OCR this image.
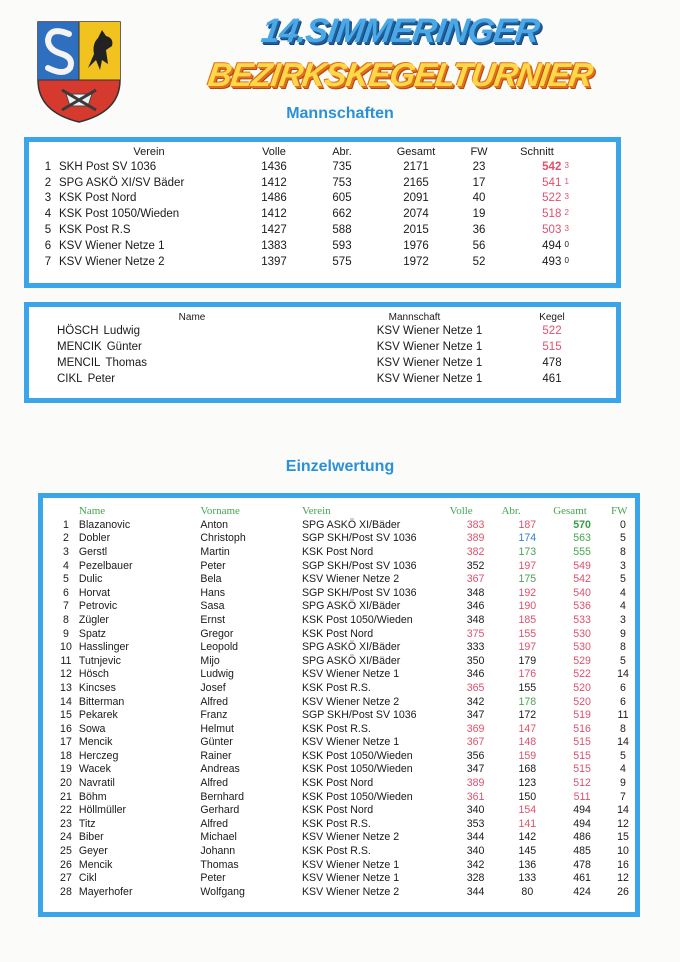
14.SIMMERINGER
BEZIRKSKEGELTURNIER
Mannschaften
	Verein	Volle	Abr.	Gesamt	FW	Schnitt
1	SKH Post SV 1036	1436	735	2171	23	542 $^3$
2	SPG ASKÖ XI/SV Bäder	1412	753	2165	17	541 $^1$
3	KSK Post Nord	1486	605	2091	40	522 $^3$
4	KSK Post 1050/Wieden	1412	662	2074	19	518 $^2$
5	KSK Post R.S	1427	588	2015	36	503 $^3$
6	KSV Wiener Netze 1	1383	593	1976	56	494 $^0$
7	KSV Wiener Netze 2	1397	575	1972	52	493 $^0$
Name	Mannschaft	Kegel
HÖSCH Ludwig	KSV Wiener Netze 1	522
MENCIK Günter	KSV Wiener Netze 1	515
MENCIL Thomas	KSV Wiener Netze 1	478
CIKL Peter	KSV Wiener Netze 1	461
Einzelwertung
	Name	Vorname	Verein	Volle	Abr.	Gesamt	FW
1	Blazanovic	Anton	SPG ASKÖ XI/Bäder	383	187	570	0
2	Dobler	Christoph	SGP SKH/Post SV 1036	389	174	563	5
3	Gerstl	Martin	KSK Post Nord	382	173	555	8
4	Pezelbauer	Peter	SGP SKH/Post SV 1036	352	197	549	3
5	Dulic	Bela	KSV Wiener Netze 2	367	175	542	5
6	Horvat	Hans	SGP SKH/Post SV 1036	348	192	540	4
7	Petrovic	Sasa	SPG ASKÖ XI/Bäder	346	190	536	4
8	Zügler	Ernst	KSK Post 1050/Wieden	348	185	533	3
9	Spatz	Gregor	KSK Post Nord	375	155	530	9
10	Hasslinger	Leopold	SPG ASKÖ XI/Bäder	333	197	530	8
11	Tutnjevic	Mijo	SPG ASKÖ XI/Bäder	350	179	529	5
12	Hösch	Ludwig	KSV Wiener Netze 1	346	176	522	14
13	Kincses	Josef	KSK Post R.S.	365	155	520	6
14	Bitterman	Alfred	KSV Wiener Netze 2	342	178	520	6
15	Pekarek	Franz	SGP SKH/Post SV 1036	347	172	519	11
16	Sowa	Helmut	KSK Post R.S.	369	147	516	8
17	Mencik	Günter	KSV Wiener Netze 1	367	148	515	14
18	Herczeg	Rainer	KSK Post 1050/Wieden	356	159	515	5
19	Wacek	Andreas	KSK Post 1050/Wieden	347	168	515	4
20	Navratil	Alfred	KSK Post Nord	389	123	512	9
21	Böhm	Bernhard	KSK Post 1050/Wieden	361	150	511	7
22	Höllmüller	Gerhard	KSK Post Nord	340	154	494	14
23	Titz	Alfred	KSK Post R.S.	353	141	494	12
24	Biber	Michael	KSV Wiener Netze 2	344	142	486	15
25	Geyer	Johann	KSK Post R.S.	340	145	485	10
26	Mencik	Thomas	KSV Wiener Netze 1	342	136	478	16
27	Cikl	Peter	KSV Wiener Netze 1	328	133	461	12
28	Mayerhofer	Wolfgang	KSV Wiener Netze 2	344	80	424	26
